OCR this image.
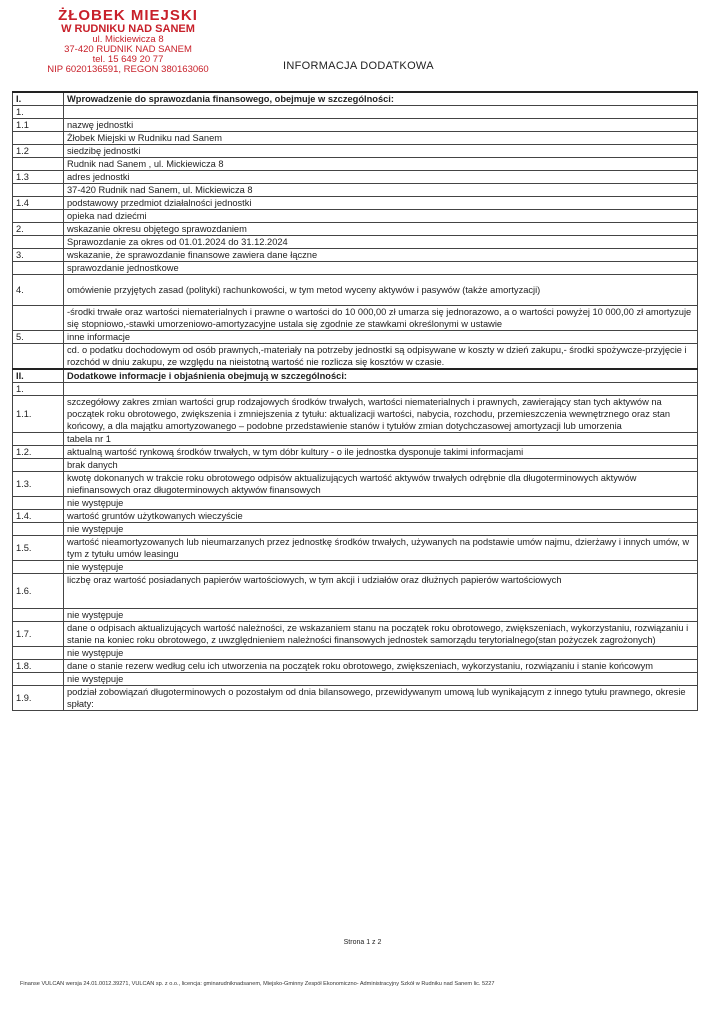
ŻŁOBEK MIEJSKI
W RUDNIKU NAD SANEM
ul. Mickiewicza 8
37-420 RUDNIK NAD SANEM
tel. 15 649 20 77
NIP 6020136591, REGON 380163060	INFORMACJA DODATKOWA
I.	Wprowadzenie do sprawozdania finansowego, obejmuje w szczególności:
1.	
1.1	nazwę jednostki
	Żłobek Miejski w Rudniku nad Sanem
1.2	siedzibę jednostki
	Rudnik nad Sanem , ul. Mickiewicza 8
1.3	adres jednostki
	37-420 Rudnik nad Sanem, ul. Mickiewicza 8
1.4	podstawowy przedmiot działalności jednostki
	opieka nad dziećmi
2.	wskazanie okresu objętego sprawozdaniem
	Sprawozdanie za okres od 01.01.2024 do 31.12.2024
3.	wskazanie, że sprawozdanie finansowe zawiera dane łączne
	sprawozdanie jednostkowe
4.	omówienie przyjętych zasad (polityki) rachunkowości, w tym metod wyceny aktywów i pasywów (także amortyzacji)
	-środki trwałe oraz wartości niematerialnych i prawne o wartości do 10 000,00 zł umarza się jednorazowo, a o wartości powyżej 10 000,00 zł amortyzuje się stopniowo,-stawki umorzeniowo-amortyzacyjne ustala się zgodnie ze stawkami określonymi w ustawie
5.	inne informacje
	cd. o podatku dochodowym od osób prawnych,-materiały na potrzeby jednostki są odpisywane w koszty w dzień zakupu,- środki spożywcze-przyjęcie i rozchód w dniu zakupu, ze względu na nieistotną wartość nie rozlicza się kosztów w czasie.
II.	Dodatkowe informacje i objaśnienia obejmują w szczególności:
1.	
1.1.	szczegółowy zakres zmian wartości grup rodzajowych środków trwałych, wartości niematerialnych i prawnych, zawierający stan tych aktywów na początek roku obrotowego, zwiększenia i zmniejszenia z tytułu: aktualizacji wartości, nabycia, rozchodu, przemieszczenia wewnętrznego oraz stan końcowy, a dla majątku amortyzowanego – podobne przedstawienie stanów i tytułów zmian dotychczasowej amortyzacji lub umorzenia
	tabela nr 1
1.2.	aktualną wartość rynkową środków trwałych, w tym dóbr kultury - o ile jednostka dysponuje takimi informacjami
	brak danych
1.3.	kwotę dokonanych w trakcie roku obrotowego odpisów aktualizujących wartość aktywów trwałych odrębnie dla długoterminowych aktywów niefinansowych oraz długoterminowych aktywów finansowych
	nie występuje
1.4.	wartość gruntów użytkowanych wieczyście
	nie występuje
1.5.	wartość nieamortyzowanych lub nieumarzanych przez jednostkę środków trwałych, używanych na podstawie umów najmu, dzierżawy i innych umów, w tym z tytułu umów leasingu
	nie występuje
1.6.	liczbę oraz wartość posiadanych papierów wartościowych, w tym akcji i udziałów oraz dłużnych papierów wartościowych
	nie występuje
1.7.	dane o odpisach aktualizujących wartość należności, ze wskazaniem stanu na początek roku obrotowego, zwiększeniach, wykorzystaniu, rozwiązaniu i stanie na koniec roku obrotowego, z uwzględnieniem należności finansowych jednostek samorządu terytorialnego(stan pożyczek zagrożonych)
	nie występuje
1.8.	dane o stanie rezerw według celu ich utworzenia na początek roku obrotowego, zwiększeniach, wykorzystaniu, rozwiązaniu i stanie końcowym
	nie występuje
1.9.	podział zobowiązań długoterminowych o pozostałym od dnia bilansowego, przewidywanym umową lub wynikającym z innego tytułu prawnego, okresie spłaty:
Strona 1 z 2
Finanse VULCAN wersja 24.01.0012.39271, VULCAN sp. z o.o., licencja: gminarudniknadsanem, Miejsko-Gminny Zespół Ekonomiczno- Administracyjny Szkół w Rudniku nad Sanem lic. 5227
